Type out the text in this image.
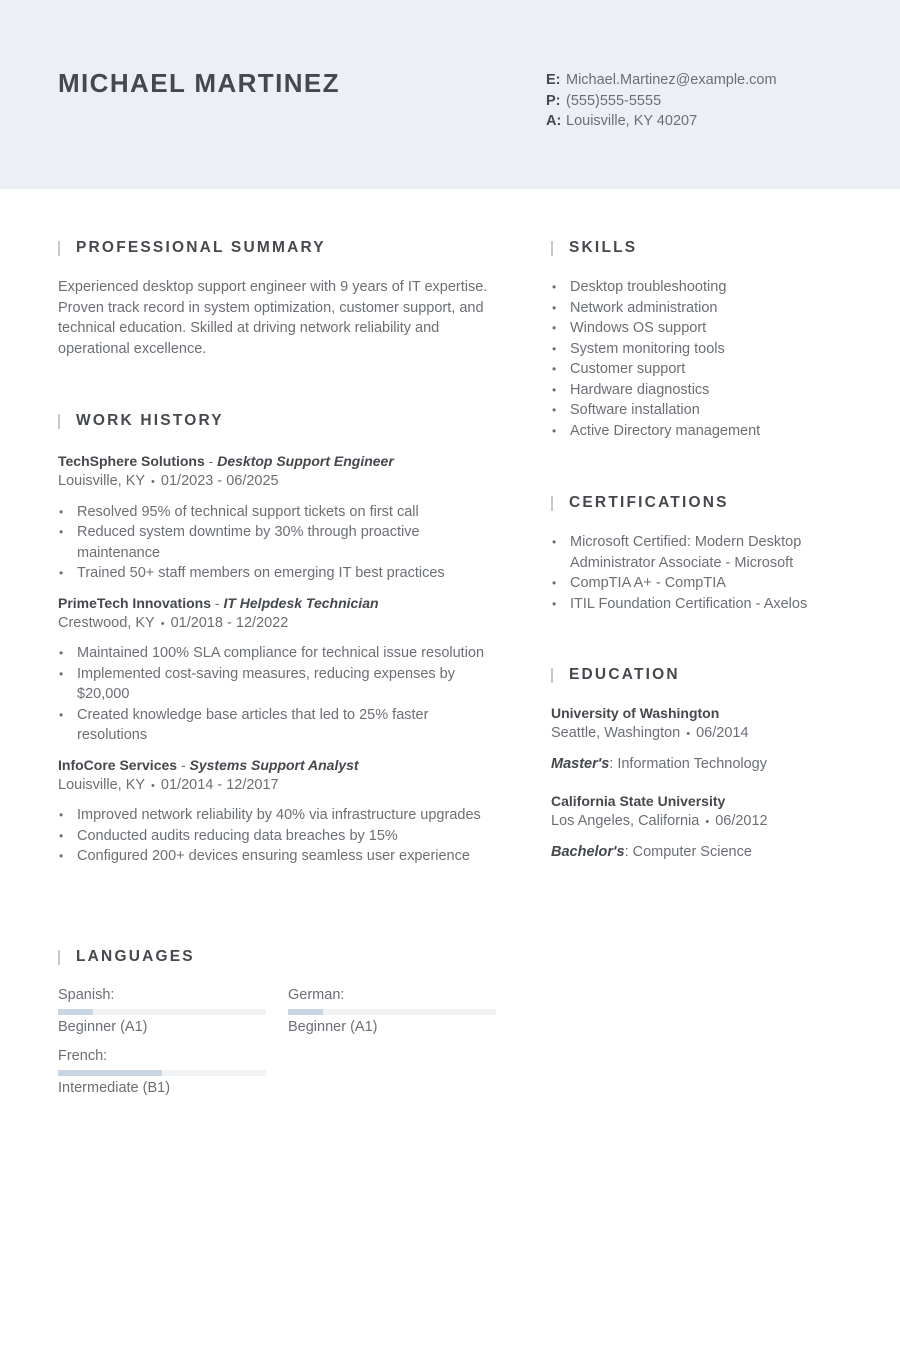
MICHAEL MARTINEZ	E: Michael.Martinez@example.com
P: (555)555-5555
A: Louisville, KY 40207
PROFESSIONAL SUMMARY

Experienced desktop support engineer with 9 years of IT expertise. Proven track record in system optimization, customer support, and technical education. Skilled at driving network reliability and operational excellence.

WORK HISTORY
TechSphere Solutions - Desktop Support Engineer
Louisville, KY • 01/2023 - 06/2025
• Resolved 95% of technical support tickets on first call
• Reduced system downtime by 30% through proactive maintenance
• Trained 50+ staff members on emerging IT best practices
PrimeTech Innovations - IT Helpdesk Technician
Crestwood, KY • 01/2018 - 12/2022
• Maintained 100% SLA compliance for technical issue resolution
• Implemented cost-saving measures, reducing expenses by $20,000
• Created knowledge base articles that led to 25% faster resolutions
InfoCore Services - Systems Support Analyst
Louisville, KY • 01/2014 - 12/2017
• Improved network reliability by 40% via infrastructure upgrades
• Conducted audits reducing data breaches by 15%
• Configured 200+ devices ensuring seamless user experience
LANGUAGES
Spanish:
Beginner (A1)
German:
Beginner (A1)
French:
Intermediate (B1)
SKILLS
• Desktop troubleshooting
• Network administration
• Windows OS support
• System monitoring tools
• Customer support
• Hardware diagnostics
• Software installation
• Active Directory management
CERTIFICATIONS
• Microsoft Certified: Modern Desktop Administrator Associate - Microsoft
• CompTIA A+ - CompTIA
• ITIL Foundation Certification - Axelos
EDUCATION
University of Washington
Seattle, Washington • 06/2014
Master's: Information Technology
California State University
Los Angeles, California • 06/2012
Bachelor's: Computer Science
